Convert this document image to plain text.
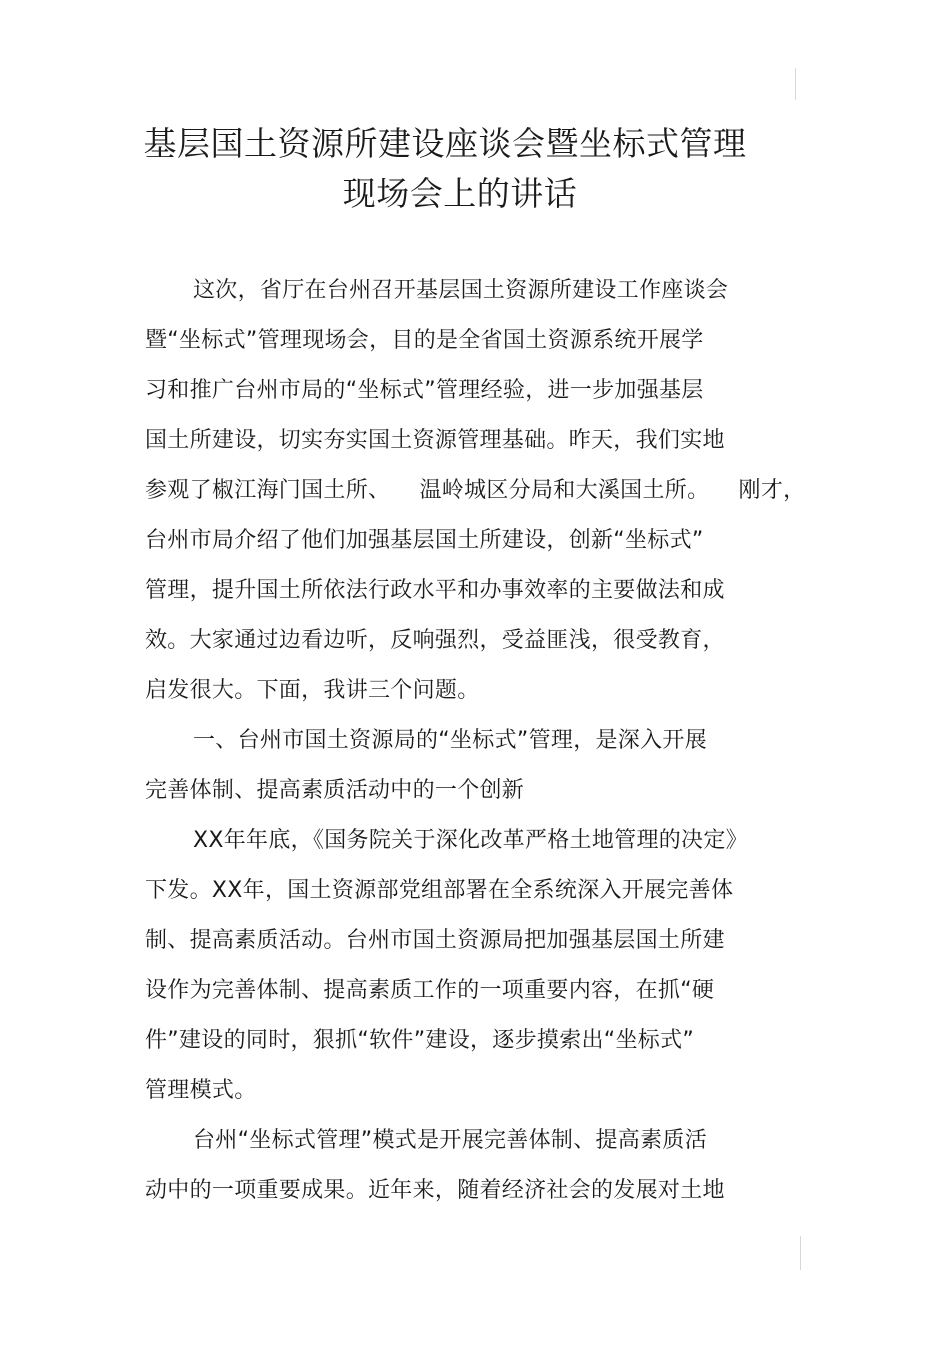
基层国土资源所建设座谈会暨坐标式管理
现场会上的讲话
这次，省厅在台州召开基层国土资源所建设工作座谈会
暨“坐标式”管理现场会，目的是全省国土资源系统开展学
习和推广台州市局的“坐标式”管理经验，进一步加强基层
国土所建设，切实夯实国土资源管理基础。昨天，我们实地
参观了椒江海门国土所、    温岭城区分局和大溪国土所。    刚才，
台州市局介绍了他们加强基层国土所建设，创新“坐标式”
管理，提升国土所依法行政水平和办事效率的主要做法和成
效。大家通过边看边听，反响强烈，受益匪浅，很受教育，
启发很大。下面，我讲三个问题。
一、台州市国土资源局的“坐标式”管理，是深入开展
完善体制、提高素质活动中的一个创新
XX年年底，《国务院关于深化改革严格土地管理的决定》
下发。XX年，国土资源部党组部署在全系统深入开展完善体
制、提高素质活动。台州市国土资源局把加强基层国土所建
设作为完善体制、提高素质工作的一项重要内容，在抓“硬
件”建设的同时，狠抓“软件”建设，逐步摸索出“坐标式”
管理模式。
台州“坐标式管理”模式是开展完善体制、提高素质活
动中的一项重要成果。近年来，随着经济社会的发展对土地
